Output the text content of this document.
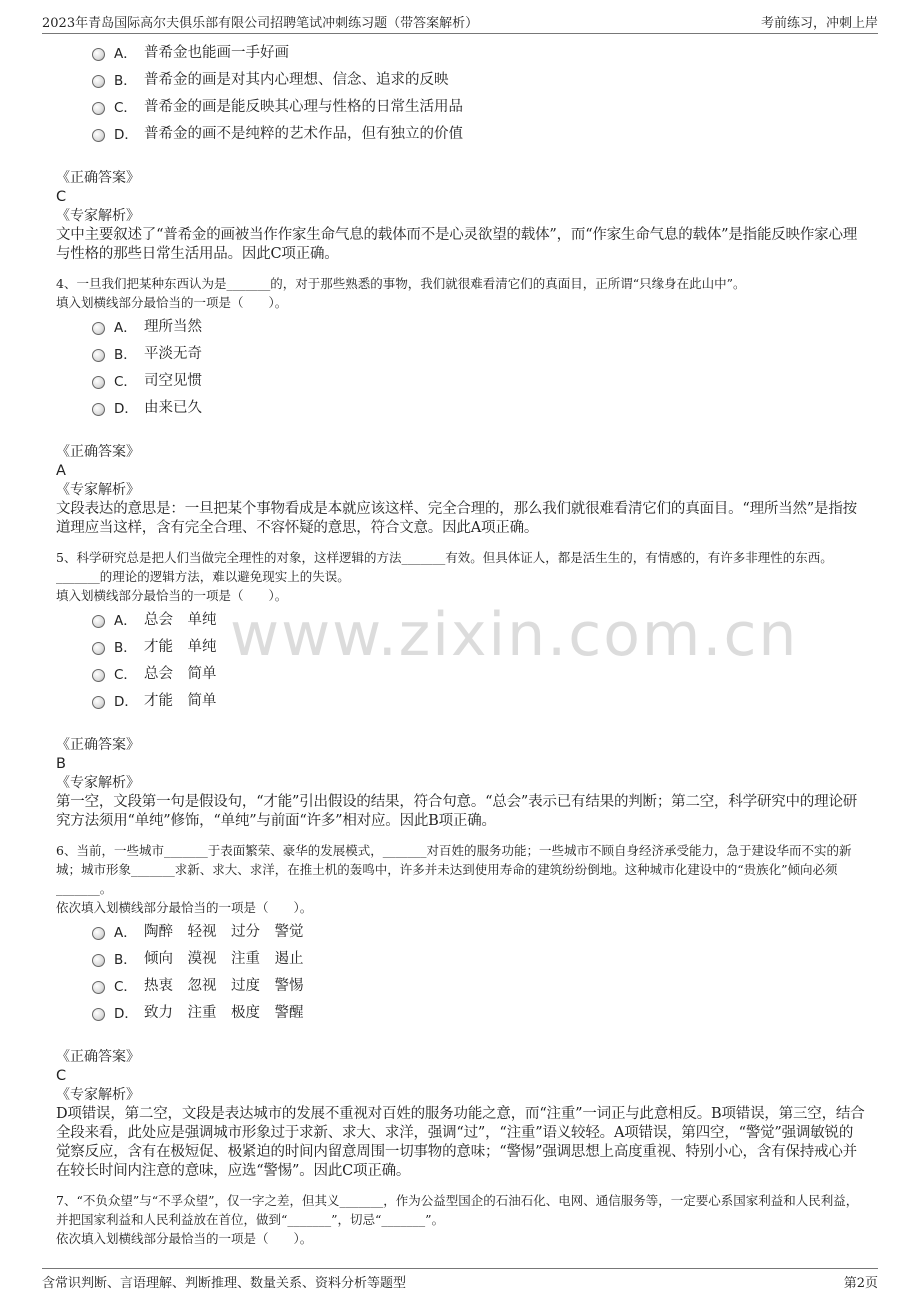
2023年青岛国际高尔夫俱乐部有限公司招聘笔试冲刺练习题（带答案解析）	考前练习，冲刺上岸
www.zixin.com.cn
A． 普希金也能画一手好画
B． 普希金的画是对其内心理想、信念、追求的反映
C． 普希金的画是能反映其心理与性格的日常生活用品
D． 普希金的画不是纯粹的艺术作品，但有独立的价值
《正确答案》
C
《专家解析》
文中主要叙述了“普希金的画被当作作家生命气息的载体而不是心灵欲望的载体”，而“作家生命气息的载体”是指能反映作家心理与性格的那些日常生活用品。因此C项正确。
4、一旦我们把某种东西认为是_______的，对于那些熟悉的事物，我们就很难看清它们的真面目，正所谓“只缘身在此山中”。
填入划横线部分最恰当的一项是（　　）。
A． 理所当然
B． 平淡无奇
C． 司空见惯
D． 由来已久
《正确答案》
A
《专家解析》
文段表达的意思是：一旦把某个事物看成是本就应该这样、完全合理的，那么我们就很难看清它们的真面目。“理所当然”是指按道理应当这样，含有完全合理、不容怀疑的意思，符合文意。因此A项正确。
5、科学研究总是把人们当做完全理性的对象，这样逻辑的方法_______有效。但具体证人，都是活生生的，有情感的，有许多非理性的东西。_______的理论的逻辑方法，难以避免现实上的失误。
填入划横线部分最恰当的一项是（　　）。
A． 总会　单纯
B． 才能　单纯
C． 总会　简单
D． 才能　简单
《正确答案》
B
《专家解析》
第一空，文段第一句是假设句，“才能”引出假设的结果，符合句意。“总会”表示已有结果的判断；第二空，科学研究中的理论研究方法须用“单纯”修饰，“单纯”与前面“许多”相对应。因此B项正确。
6、当前，一些城市_______于表面繁荣、豪华的发展模式，_______对百姓的服务功能；一些城市不顾自身经济承受能力，急于建设华而不实的新城；城市形象_______求新、求大、求洋，在推土机的轰鸣中，许多并未达到使用寿命的建筑纷纷倒地。这种城市化建设中的“贵族化”倾向必须_______。
依次填入划横线部分最恰当的一项是（　　）。
A． 陶醉　轻视　过分　警觉
B． 倾向　漠视　注重　遏止
C． 热衷　忽视　过度　警惕
D． 致力　注重　极度　警醒
《正确答案》
C
《专家解析》
D项错误，第二空，文段是表达城市的发展不重视对百姓的服务功能之意，而“注重”一词正与此意相反。B项错误，第三空，结合全段来看，此处应是强调城市形象过于求新、求大、求洋，强调“过”，“注重”语义较轻。A项错误，第四空，“警觉”强调敏锐的觉察反应，含有在极短促、极紧迫的时间内留意周围一切事物的意味；“警惕”强调思想上高度重视、特别小心，含有保持戒心并在较长时间内注意的意味，应选“警惕”。因此C项正确。
7、“不负众望”与“不孚众望”，仅一字之差，但其义_______，作为公益型国企的石油石化、电网、通信服务等，一定要心系国家利益和人民利益，并把国家利益和人民利益放在首位，做到“_______”，切忌“_______”。
依次填入划横线部分最恰当的一项是（　　）。
含常识判断、言语理解、判断推理、数量关系、资料分析等题型	第2页
